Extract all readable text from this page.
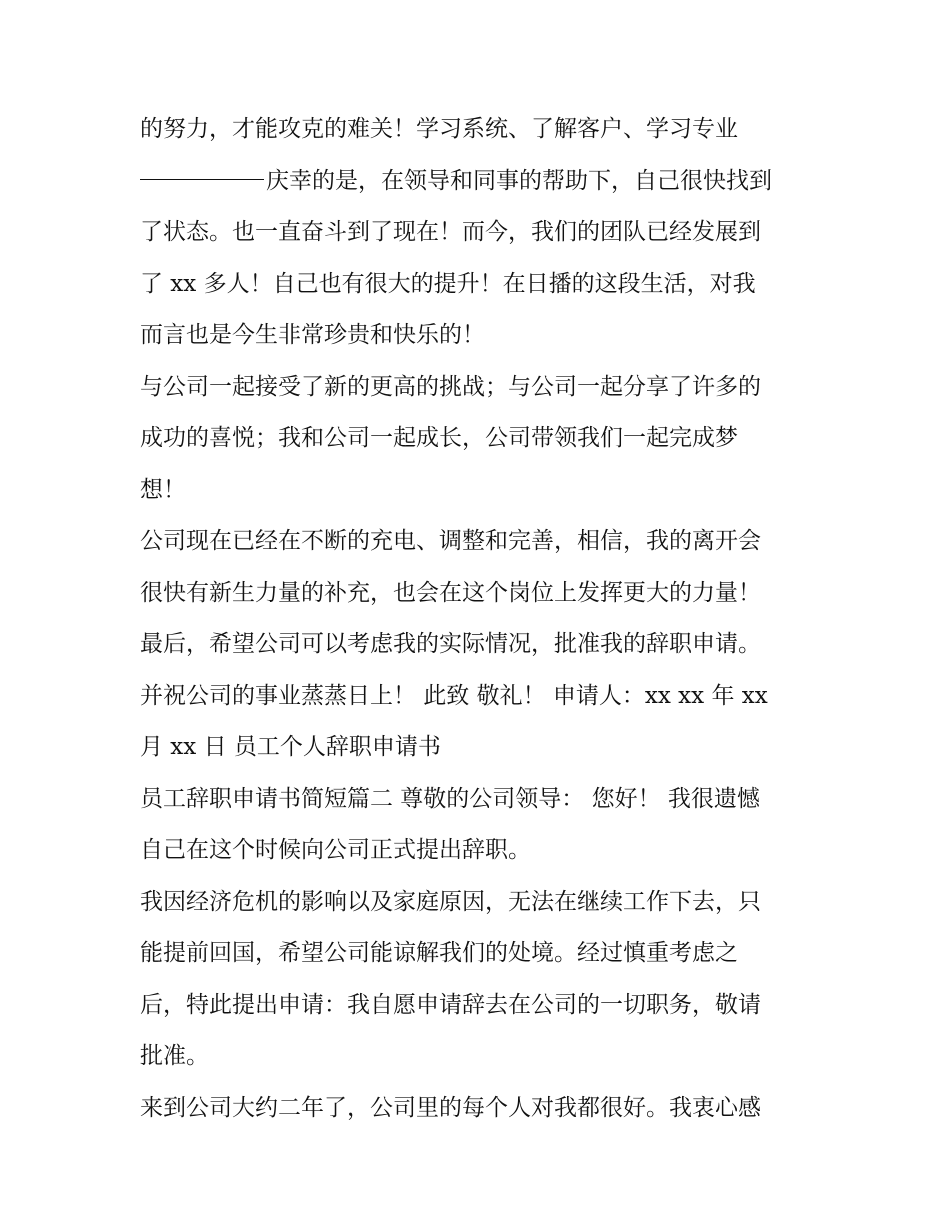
的努力，才能攻克的难关！学习系统、了解客户、学习专业
庆幸的是，在领导和同事的帮助下，自己很快找到
了状态。也一直奋斗到了现在！而今，我们的团队已经发展到
了 xx 多人！自己也有很大的提升！在日播的这段生活，对我
而言也是今生非常珍贵和快乐的！
与公司一起接受了新的更高的挑战；与公司一起分享了许多的
成功的喜悦；我和公司一起成长，公司带领我们一起完成梦
想！
公司现在已经在不断的充电、调整和完善，相信，我的离开会
很快有新生力量的补充，也会在这个岗位上发挥更大的力量！
最后，希望公司可以考虑我的实际情况，批准我的辞职申请。
并祝公司的事业蒸蒸日上！ 此致 敬礼！ 申请人：xx xx 年 xx
月 xx 日 员工个人辞职申请书
员工辞职申请书简短篇二 尊敬的公司领导： 您好！ 我很遗憾
自己在这个时候向公司正式提出辞职。
我因经济危机的影响以及家庭原因，无法在继续工作下去，只
能提前回国，希望公司能谅解我们的处境。经过慎重考虑之
后，特此提出申请：我自愿申请辞去在公司的一切职务，敬请
批准。
来到公司大约二年了，公司里的每个人对我都很好。我衷心感
